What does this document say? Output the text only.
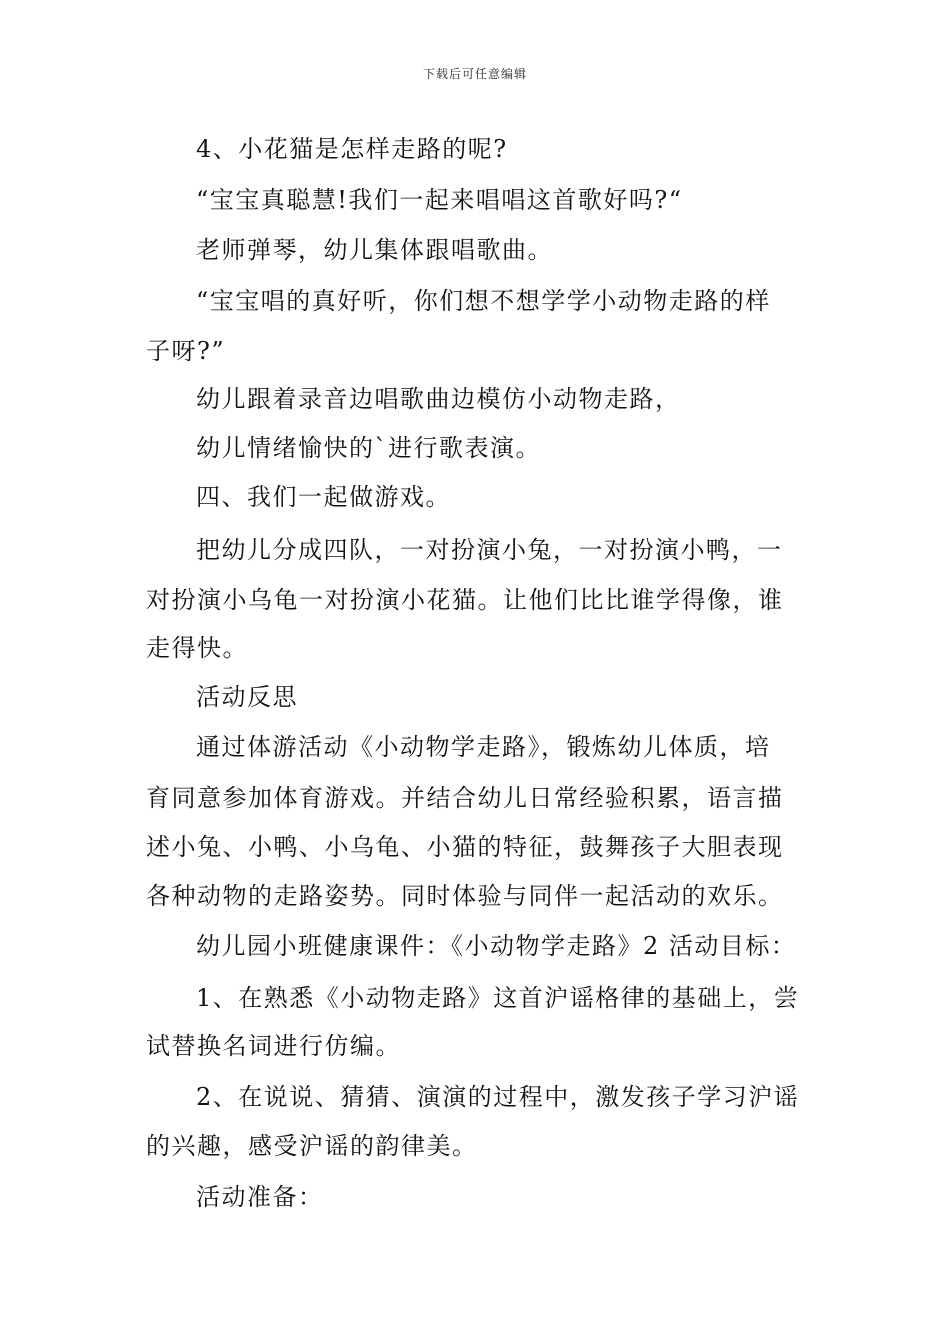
下载后可任意编辑
4、小花猫是怎样走路的呢?
“宝宝真聪慧!我们一起来唱唱这首歌好吗?“
老师弹琴，幼儿集体跟唱歌曲。
“宝宝唱的真好听，你们想不想学学小动物走路的样
子呀?”
幼儿跟着录音边唱歌曲边模仿小动物走路，
幼儿情绪愉快的`进行歌表演。
四、我们一起做游戏。
把幼儿分成四队，一对扮演小兔，一对扮演小鸭，一
对扮演小乌龟一对扮演小花猫。让他们比比谁学得像，谁
走得快。
活动反思
通过体游活动《小动物学走路》，锻炼幼儿体质，培
育同意参加体育游戏。并结合幼儿日常经验积累，语言描
述小兔、小鸭、小乌龟、小猫的特征，鼓舞孩子大胆表现
各种动物的走路姿势。同时体验与同伴一起活动的欢乐。
幼儿园小班健康课件：《小动物学走路》2 活动目标：
1、在熟悉《小动物走路》这首沪谣格律的基础上，尝
试替换名词进行仿编。
2、在说说、猜猜、演演的过程中，激发孩子学习沪谣
的兴趣，感受沪谣的韵律美。
活动准备：
